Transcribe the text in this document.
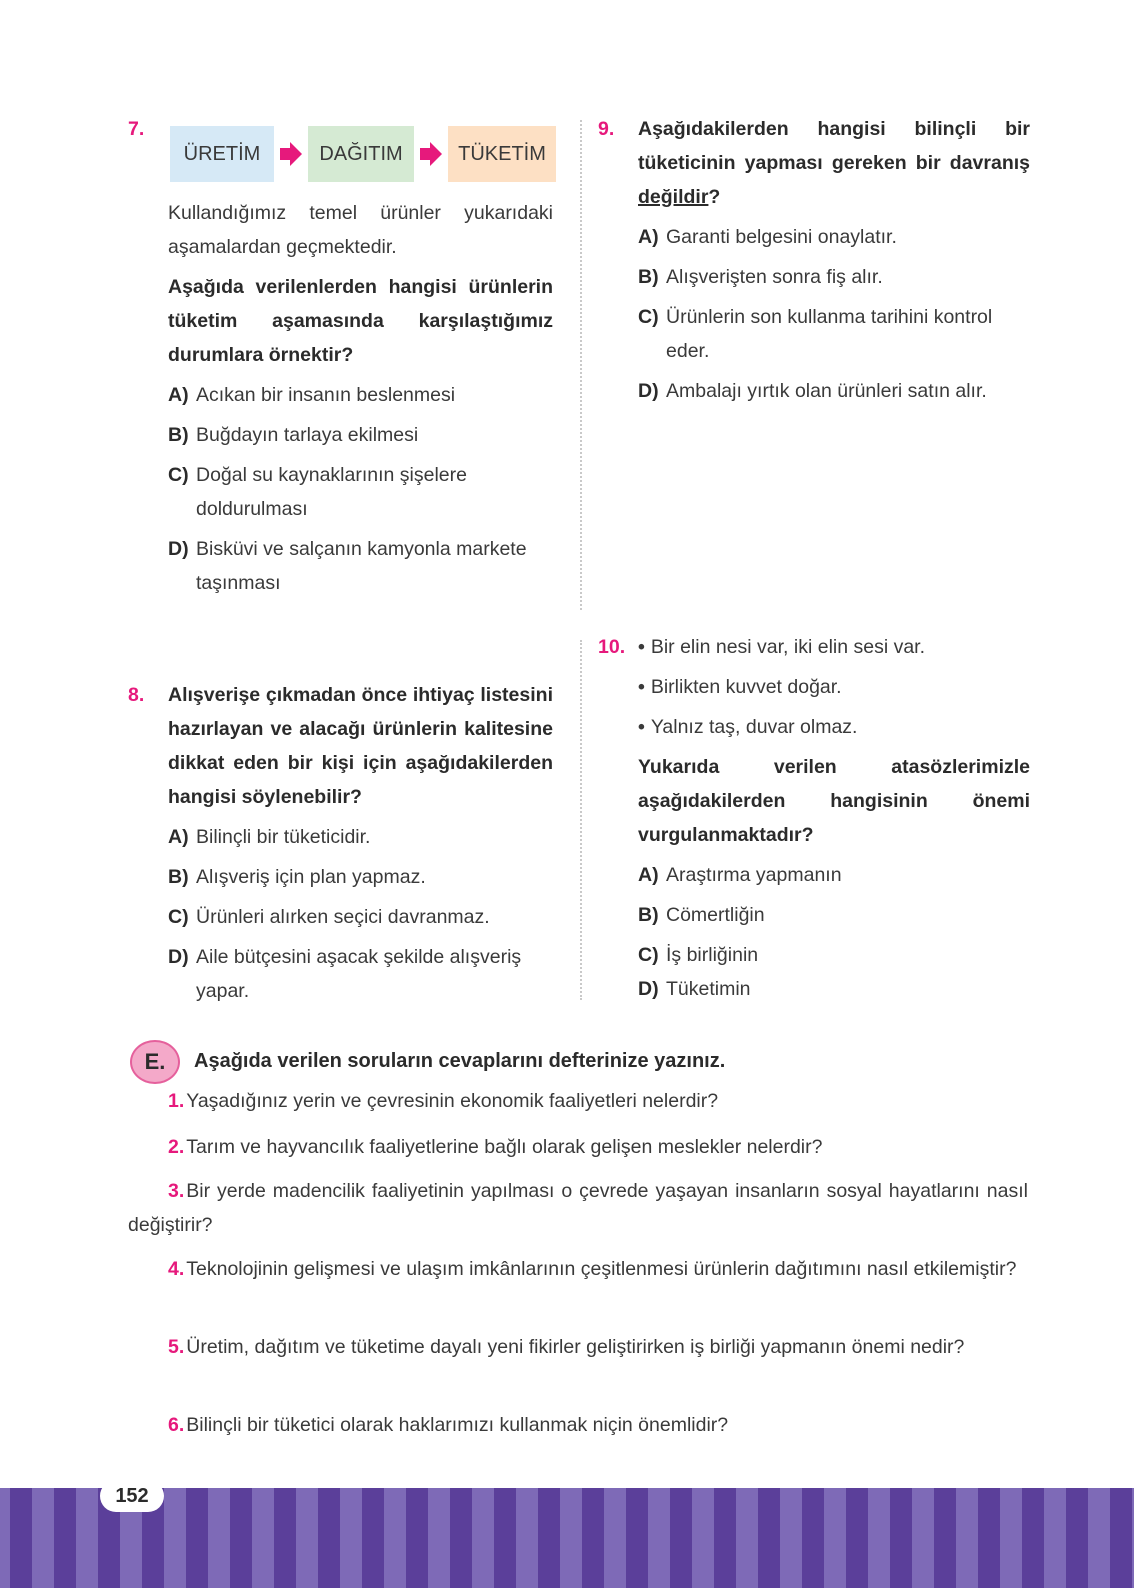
7.
ÜRETİM	DAĞITIM	TÜKETİM
Kullandığımız temel ürünler yukarıdaki aşamalardan geçmektedir.
Aşağıda verilenlerden hangisi ürünlerin tüketim aşamasında karşılaştığımız durumlara örnektir?
A) Acıkan bir insanın beslenmesi
B) Buğdayın tarlaya ekilmesi
C) Doğal su kaynaklarının şişelere doldurulması
D) Bisküvi ve salçanın kamyonla markete taşınması
8. Alışverişe çıkmadan önce ihtiyaç listesini hazırlayan ve alacağı ürünlerin kalitesine dikkat eden bir kişi için aşağıdakilerden hangisi söylenebilir?
A) Bilinçli bir tüketicidir.
B) Alışveriş için plan yapmaz.
C) Ürünleri alırken seçici davranmaz.
D) Aile bütçesini aşacak şekilde alışveriş yapar.
9. Aşağıdakilerden hangisi bilinçli bir tüketicinin yapması gereken bir davranış değildir?
A) Garanti belgesini onaylatır.
B) Alışverişten sonra fiş alır.
C) Ürünlerin son kullanma tarihini kontrol eder.
D) Ambalajı yırtık olan ürünleri satın alır.
10. • Bir elin nesi var, iki elin sesi var.
• Birlikten kuvvet doğar.
• Yalnız taş, duvar olmaz.
Yukarıda verilen atasözlerimizle aşağıdakilerden hangisinin önemi vurgulanmaktadır?
A) Araştırma yapmanın
B) Cömertliğin
C) İş birliğinin
D) Tüketimin
E.	Aşağıda verilen soruların cevaplarını defterinize yazınız.
1. Yaşadığınız yerin ve çevresinin ekonomik faaliyetleri nelerdir?
2. Tarım ve hayvancılık faaliyetlerine bağlı olarak gelişen meslekler nelerdir?
3. Bir yerde madencilik faaliyetinin yapılması o çevrede yaşayan insanların sosyal hayatlarını nasıl değiştirir?
4. Teknolojinin gelişmesi ve ulaşım imkânlarının çeşitlenmesi ürünlerin dağıtımını nasıl etkilemiştir?
5. Üretim, dağıtım ve tüketime dayalı yeni fikirler geliştirirken iş birliği yapmanın önemi nedir?
6. Bilinçli bir tüketici olarak haklarımızı kullanmak niçin önemlidir?
152
